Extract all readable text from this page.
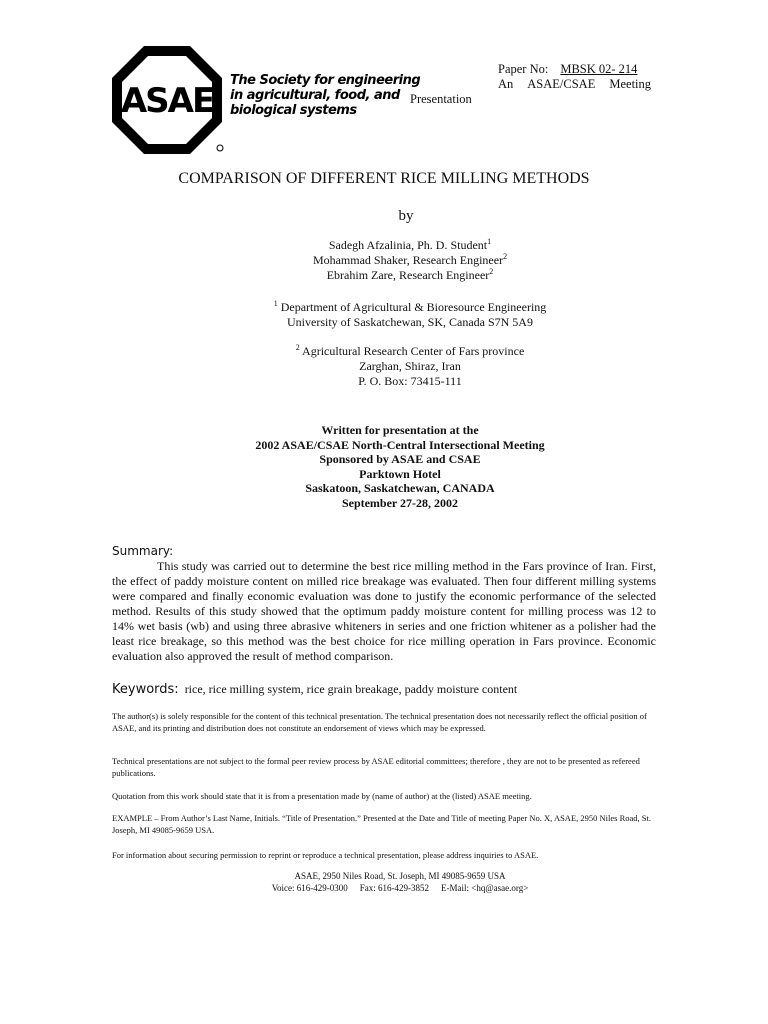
ASAE
The Society for engineering
in agricultural, food, and
biological systems
Paper No: MBSK 02- 214
An ASAE/CSAE Meeting
Presentation
COMPARISON OF DIFFERENT RICE MILLING METHODS
by
Sadegh Afzalinia, Ph. D. Student$^1$
Mohammad Shaker, Research Engineer$^2$
Ebrahim Zare, Research Engineer$^2$
$^1$ Department of Agricultural & Bioresource Engineering
University of Saskatchewan, SK, Canada S7N 5A9
$^2$ Agricultural Research Center of Fars province
Zarghan, Shiraz, Iran
P. O. Box: 73415-111
Written for presentation at the
2002 ASAE/CSAE North-Central Intersectional Meeting
Sponsored by ASAE and CSAE
Parktown Hotel
Saskatoon, Saskatchewan, CANADA
September 27-28, 2002
Summary:

This study was carried out to determine the best rice milling method in the Fars province of Iran. First, the effect of paddy moisture content on milled rice breakage was evaluated. Then four different milling systems were compared and finally economic evaluation was done to justify the economic performance of the selected method. Results of this study showed that the optimum paddy moisture content for milling process was 12 to 14% wet basis (wb) and using three abrasive whiteners in series and one friction whitener as a polisher had the least rice breakage, so this method was the best choice for rice milling operation in Fars province. Economic evaluation also approved the result of method comparison.

Keywords: rice, rice milling system, rice grain breakage, paddy moisture content
The author(s) is solely responsible for the content of this technical presentation. The technical presentation does not necessarily reflect the official position of ASAE, and its printing and distribution does not constitute an endorsement of views which may be expressed.
Technical presentations are not subject to the formal peer review process by ASAE editorial committees; therefore , they are not to be presented as refereed publications.
Quotation from this work should state that it is from a presentation made by (name of author) at the (listed) ASAE meeting.
EXAMPLE – From Author’s Last Name, Initials. “Title of Presentation.” Presented at the Date and Title of meeting Paper No. X, ASAE, 2950 Niles Road, St. Joseph, MI 49085-9659 USA.
For information about securing permission to reprint or reproduce a technical presentation, please address inquiries to ASAE.
ASAE, 2950 Niles Road, St. Joseph, MI 49085-9659 USA
Voice: 616-429-0300 Fax: 616-429-3852 E-Mail: <hq@asae.org>
